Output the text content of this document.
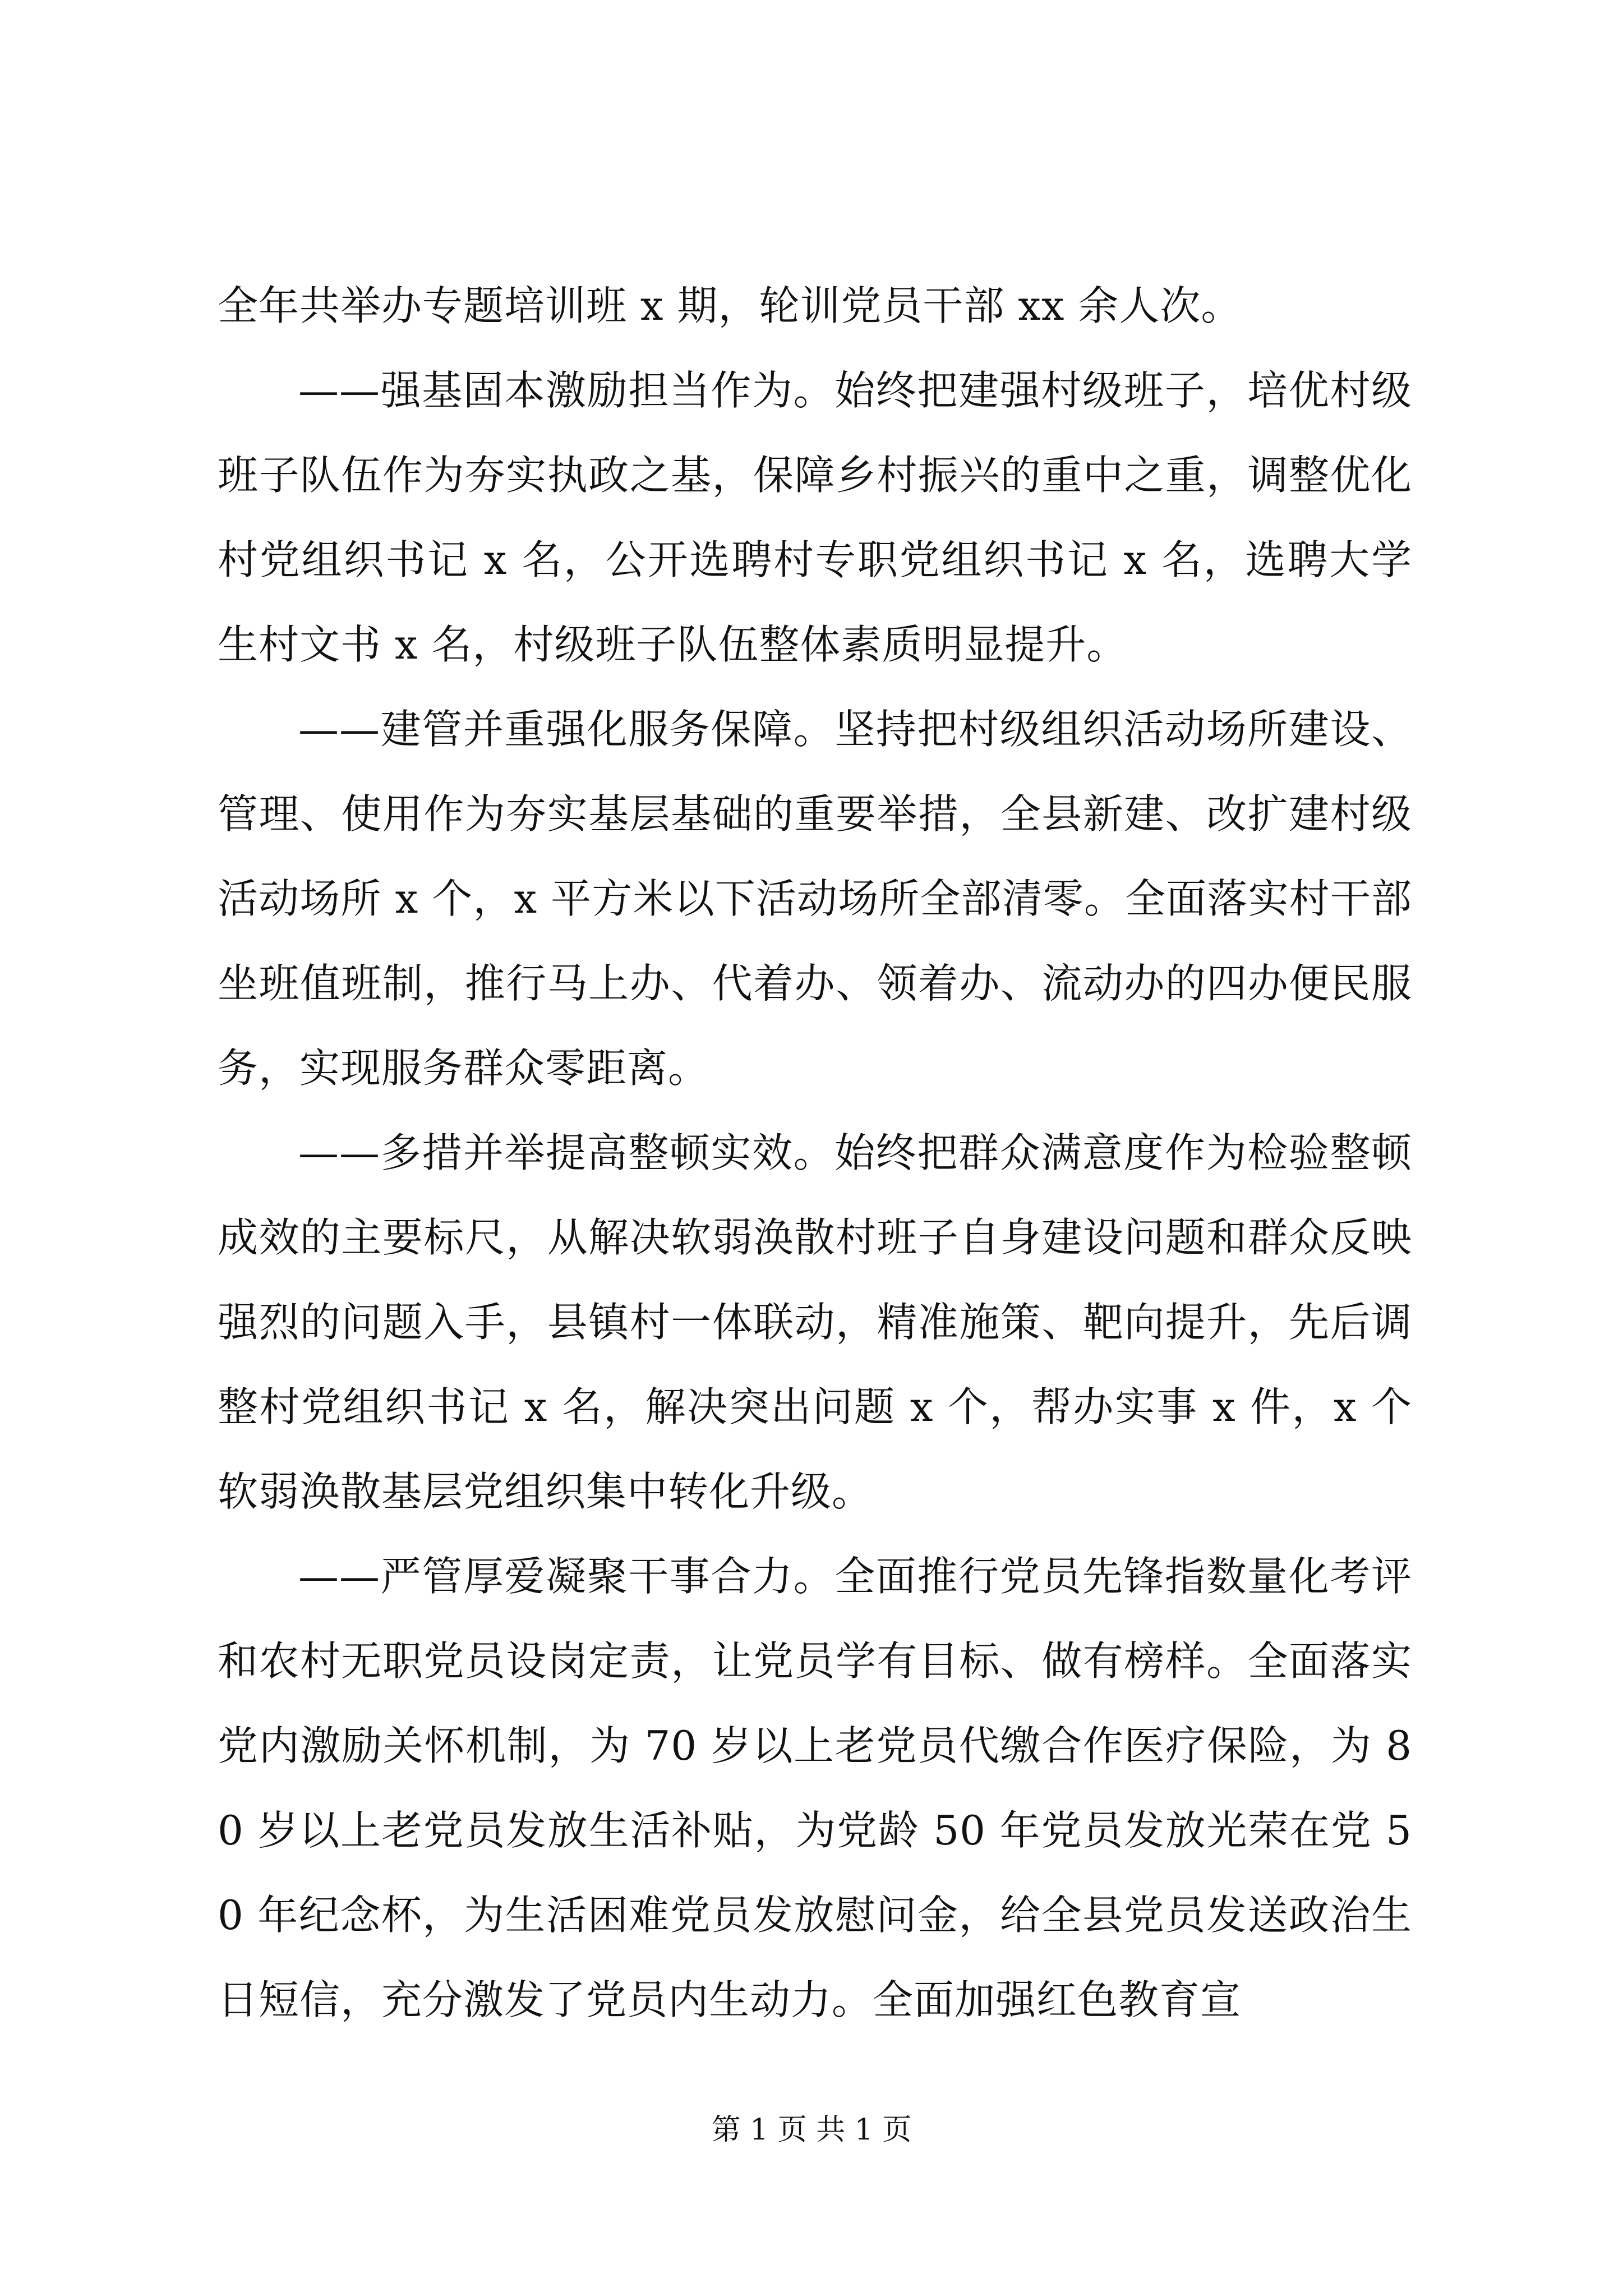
全年共举办专题培训班 x 期，轮训党员干部 xx 余人次。

——强基固本激励担当作为。始终把建强村级班子，培优村级班子队伍作为夯实执政之基，保障乡村振兴的重中之重，调整优化村党组织书记 x 名，公开选聘村专职党组织书记 x 名，选聘大学生村文书 x 名，村级班子队伍整体素质明显提升。

——建管并重强化服务保障。坚持把村级组织活动场所建设、管理、使用作为夯实基层基础的重要举措，全县新建、改扩建村级活动场所 x 个，x 平方米以下活动场所全部清零。全面落实村干部坐班值班制，推行马上办、代着办、领着办、流动办的四办便民服务，实现服务群众零距离。

——多措并举提高整顿实效。始终把群众满意度作为检验整顿成效的主要标尺，从解决软弱涣散村班子自身建设问题和群众反映强烈的问题入手，县镇村一体联动，精准施策、靶向提升，先后调整村党组织书记 x 名，解决突出问题 x 个，帮办实事 x 件，x 个软弱涣散基层党组织集中转化升级。

——严管厚爱凝聚干事合力。全面推行党员先锋指数量化考评和农村无职党员设岗定责，让党员学有目标、做有榜样。全面落实党内激励关怀机制，为 70 岁以上老党员代缴合作医疗保险，为 80 岁以上老党员发放生活补贴，为党龄 50 年党员发放光荣在党 50 年纪念杯，为生活困难党员发放慰问金，给全县党员发送政治生日短信，充分激发了党员内生动力。全面加强红色教育宣

第 1 页 共 1 页
